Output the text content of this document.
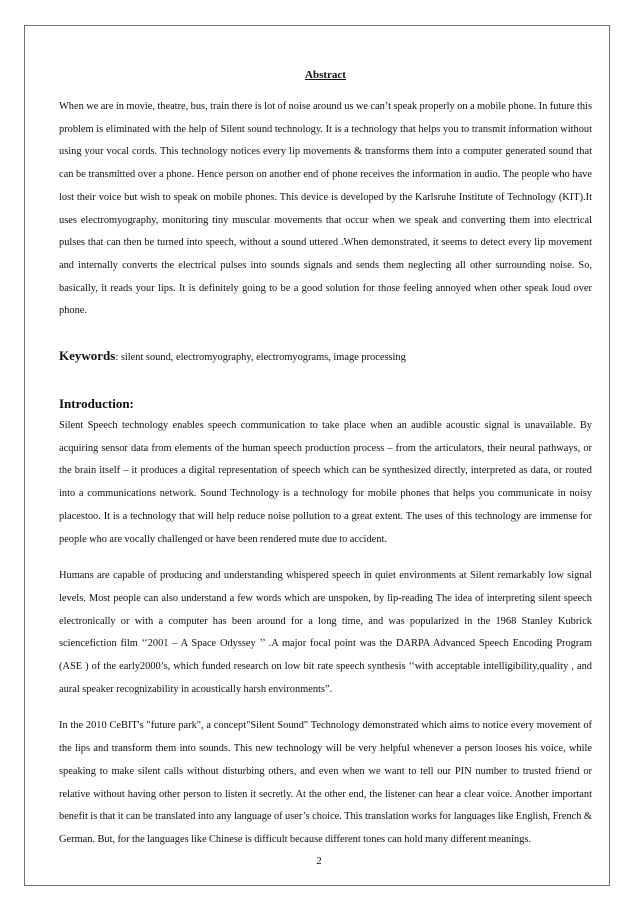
Abstract

When we are in movie, theatre, bus, train there is lot of noise around us we can’t speak properly on a mobile phone. In future this problem is eliminated with the help of Silent sound technology. It is a technology that helps you to transmit information without using your vocal cords. This technology notices every lip movements & transforms them into a computer generated sound that can be transmitted over a phone. Hence person on another end of phone receives the information in audio. The people who have lost their voice but wish to speak on mobile phones. This device is developed by the Karlsruhe Institute of Technology (KIT).It uses electromyography, monitoring tiny muscular movements that occur when we speak and converting them into electrical pulses that can then be turned into speech, without a sound uttered .When demonstrated, it seems to detect every lip movement and internally converts the electrical pulses into sounds signals and sends them neglecting all other surrounding noise. So, basically, it reads your lips. It is definitely going to be a good solution for those feeling annoyed when other speak loud over phone.

Keywords: silent sound, electromyography, electromyograms, image processing
Introduction:

Silent Speech technology enables speech communication to take place when an audible acoustic signal is unavailable. By acquiring sensor data from elements of the human speech production process – from the articulators, their neural pathways, or the brain itself – it produces a digital representation of speech which can be synthesized directly, interpreted as data, or routed into a communications network. Sound Technology is a technology for mobile phones that helps you communicate in noisy placestoo. It is a technology that will help reduce noise pollution to a great extent. The uses of this technology are immense for people who are vocally challenged or have been rendered mute due to accident.

Humans are capable of producing and understanding whispered speech in quiet environments at Silent remarkably low signal levels. Most people can also understand a few words which are unspoken, by lip-reading The idea of interpreting silent speech electronically or with a computer has been around for a long time, and was popularized in the 1968 Stanley Kubrick sciencefiction film ‘‘2001 – A Space Odyssey ’’ .A major focal point was the DARPA Advanced Speech Encoding Program (ASE ) of the early2000’s, which funded research on low bit rate speech synthesis ‘‘with acceptable intelligibility,quality , and aural speaker recognizability in acoustically harsh environments”.

In the 2010 CeBIT's "future park", a concept"Silent Sound" Technology demonstrated which aims to notice every movement of the lips and transform them into sounds. This new technology will be very helpful whenever a person looses his voice, while speaking to make silent calls without disturbing others, and even when we want to tell our PIN number to trusted friend or relative without having other person to listen it secretly. At the other end, the listener can hear a clear voice. Another important benefit is that it can be translated into any language of user’s choice. This translation works for languages like English, French & German. But, for the languages like Chinese is difficult because different tones can hold many different meanings.

2
